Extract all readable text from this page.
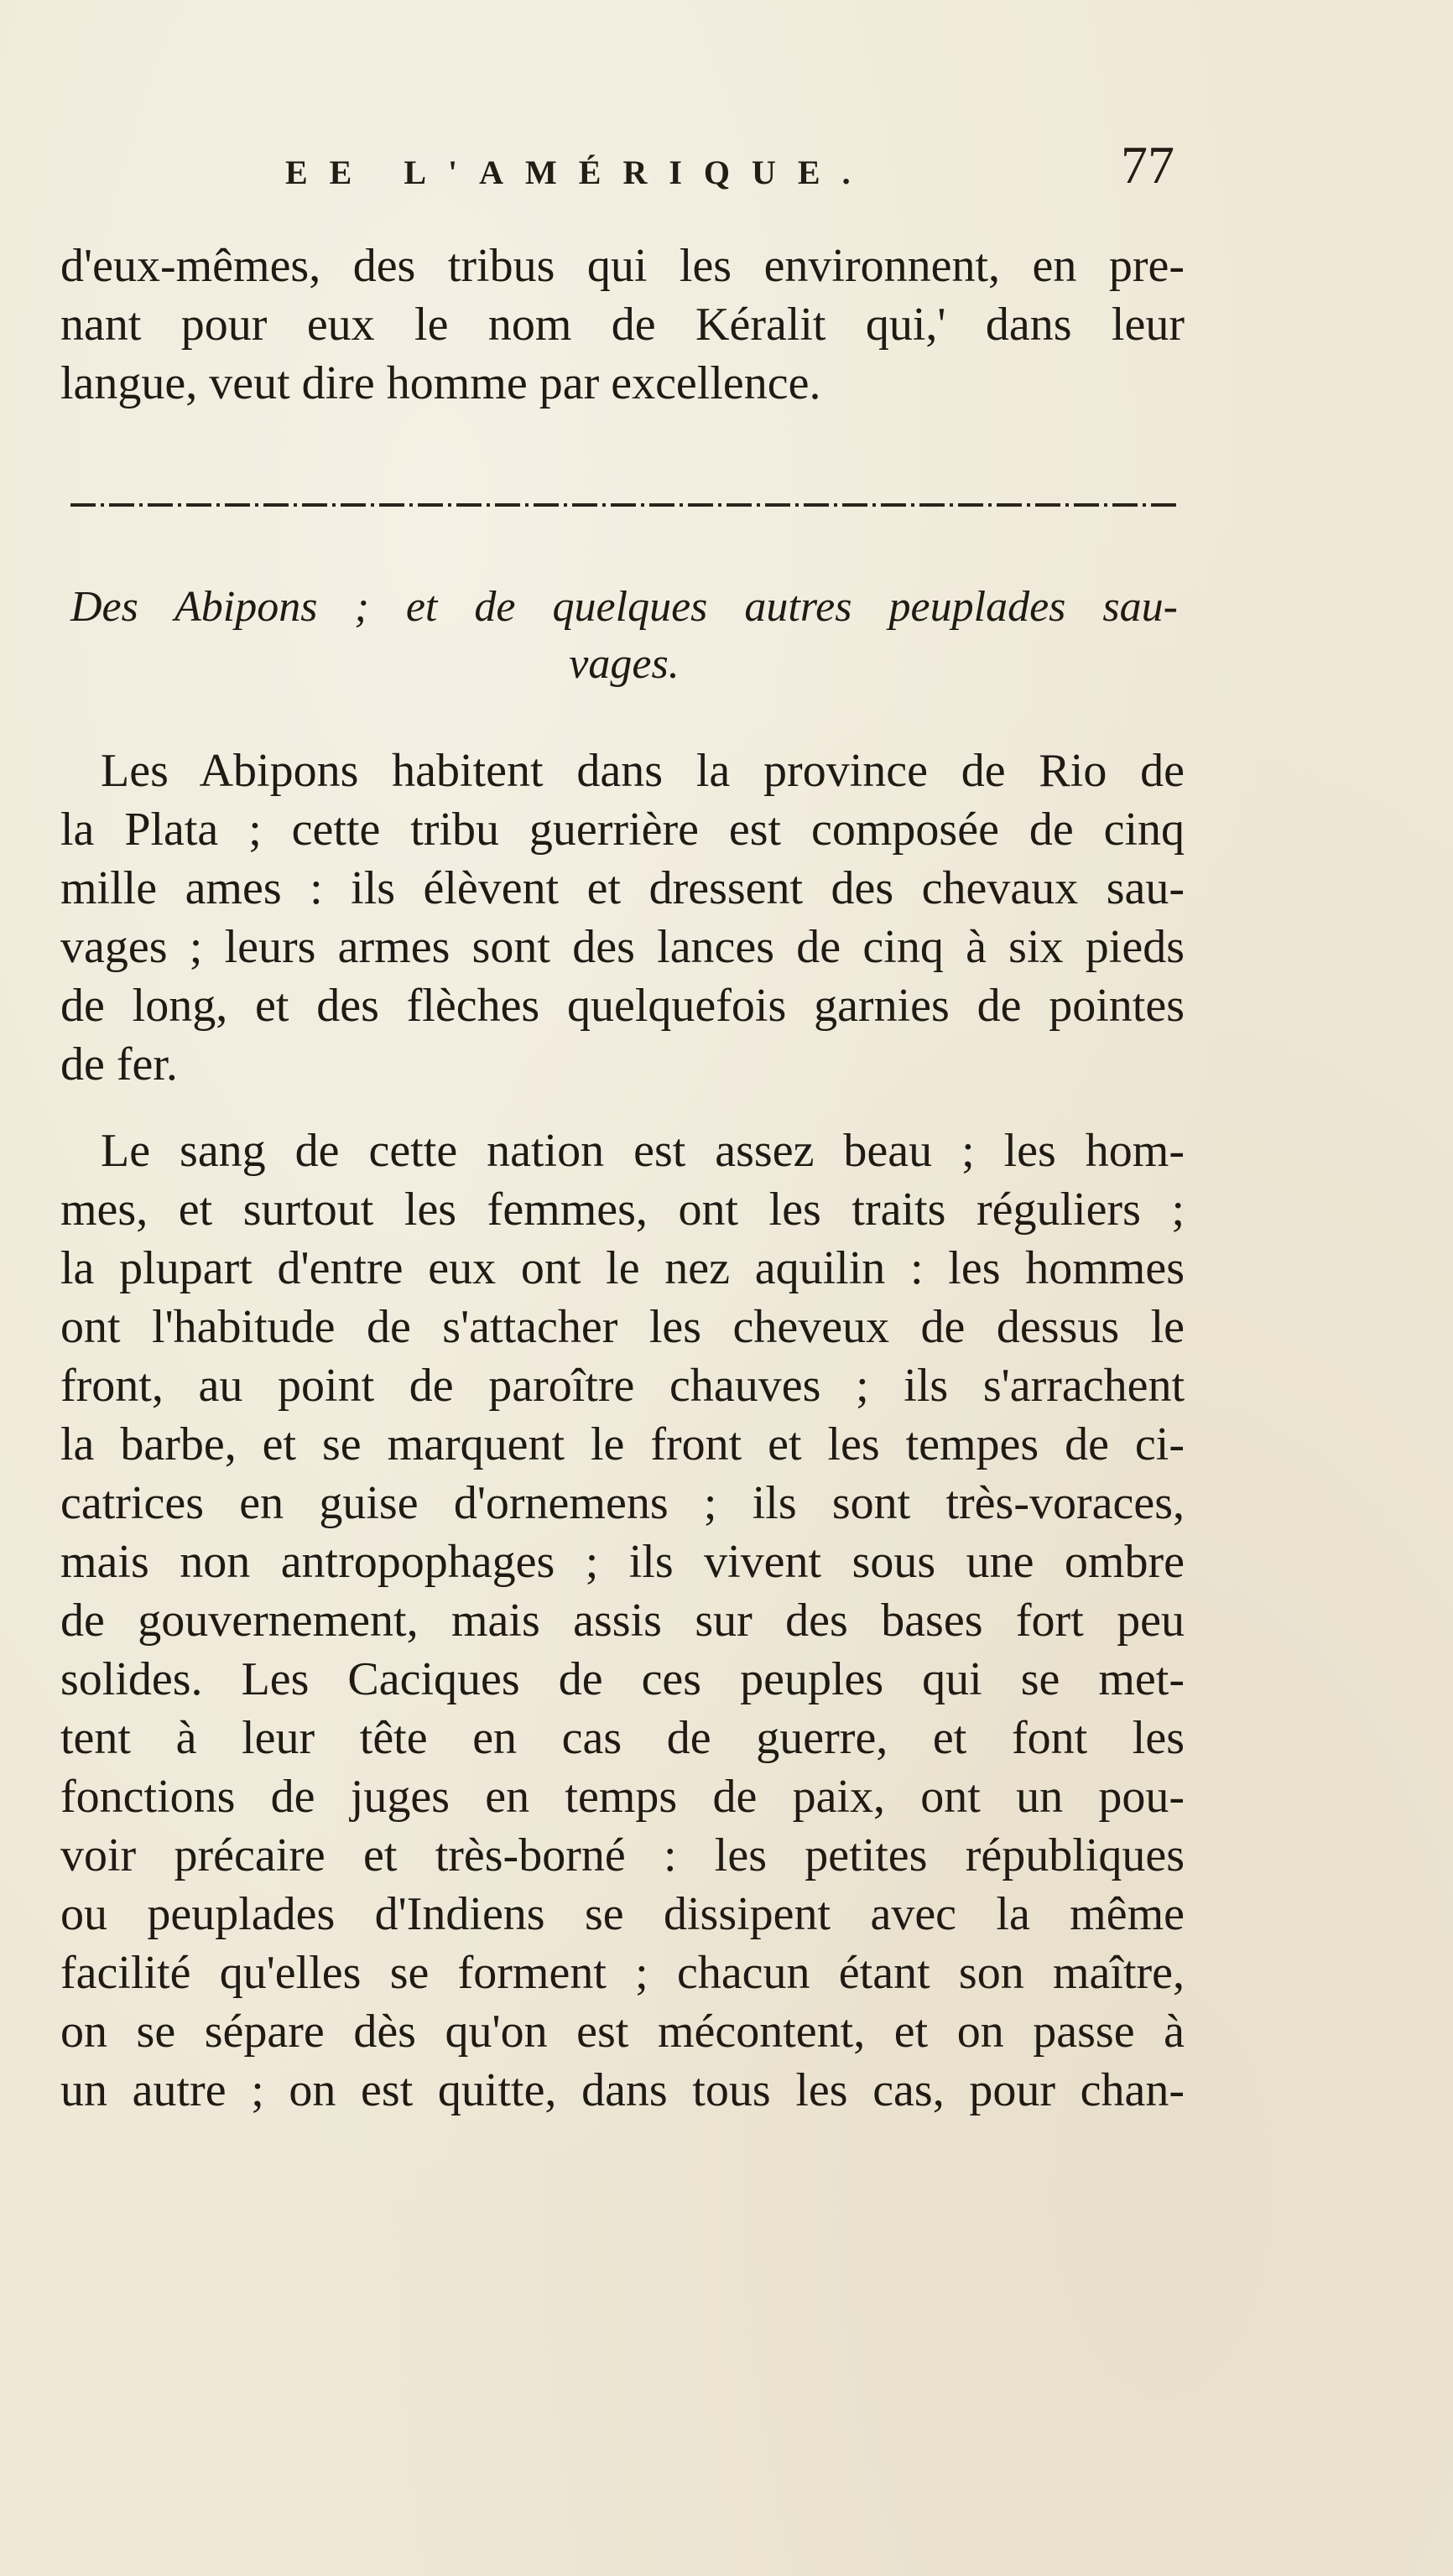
EE L'AMÉRIQUE.	77
d'eux-mêmes, des tribus qui les environnent, en pre-
nant pour eux le nom de Kéralit qui,' dans leur
langue, veut dire homme par excellence.
Des Abipons ; et de quelques autres peuplades sau-
vages.
Les Abipons habitent dans la province de Rio de
la Plata ; cette tribu guerrière est composée de cinq
mille ames : ils élèvent et dressent des chevaux sau-
vages ; leurs armes sont des lances de cinq à six pieds
de long, et des flèches quelquefois garnies de pointes
de fer.
Le sang de cette nation est assez beau ; les hom-
mes, et surtout les femmes, ont les traits réguliers ;
la plupart d'entre eux ont le nez aquilin : les hommes
ont l'habitude de s'attacher les cheveux de dessus le
front, au point de paroître chauves ; ils s'arrachent
la barbe, et se marquent le front et les tempes de ci-
catrices en guise d'ornemens ; ils sont très-voraces,
mais non antropophages ; ils vivent sous une ombre
de gouvernement, mais assis sur des bases fort peu
solides. Les Caciques de ces peuples qui se met-
tent à leur tête en cas de guerre, et font les
fonctions de juges en temps de paix, ont un pou-
voir précaire et très-borné : les petites républiques
ou peuplades d'Indiens se dissipent avec la même
facilité qu'elles se forment ; chacun étant son maître,
on se sépare dès qu'on est mécontent, et on passe à
un autre ; on est quitte, dans tous les cas, pour chan-
